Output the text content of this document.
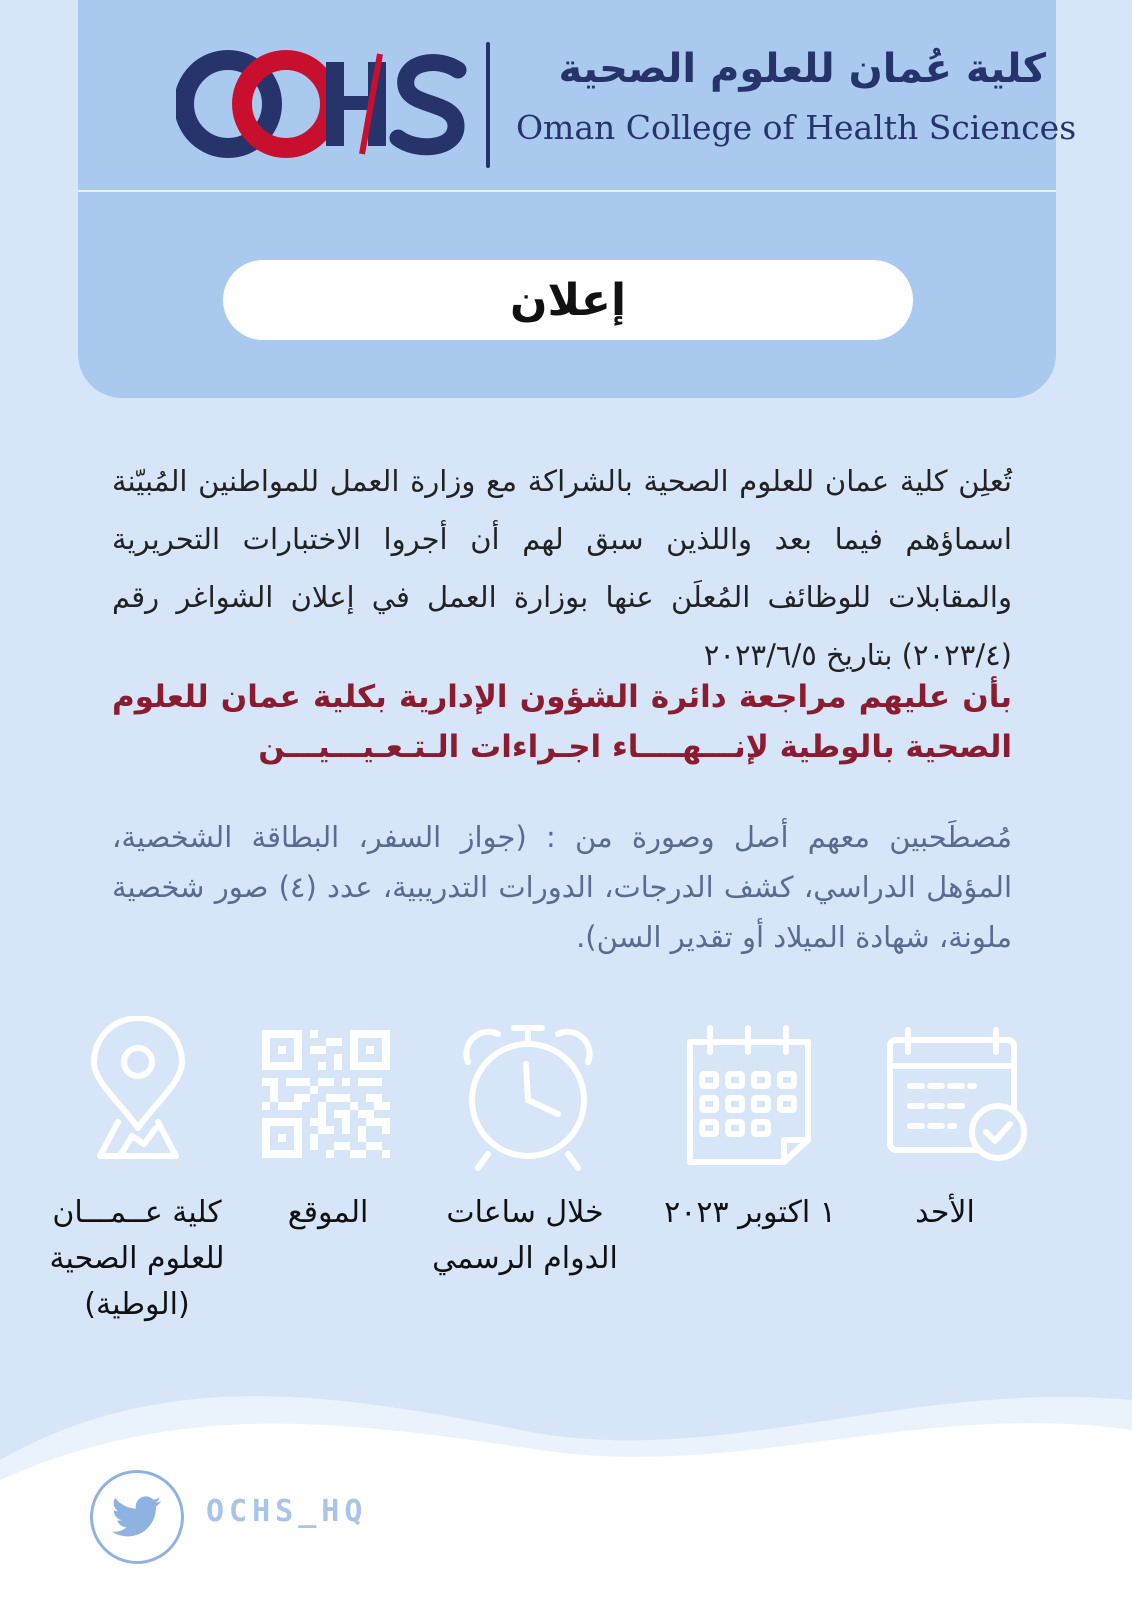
كلية عُمان للعلوم الصحية
Oman College of Health Sciences
إعلان
تُعلِن كلية عمان للعلوم الصحية بالشراكة مع وزارة العمل للمواطنين المُبيّنة اسماؤهم فيما بعد واللذين سبق لهم أن أجروا الاختبارات التحريرية والمقابلات للوظائف المُعلَن عنها بوزارة العمل في إعلان الشواغر رقم (٢٠٢٣/٤) بتاريخ ٢٠٢٣/٦/٥
بأن عليهم مراجعة دائرة الشؤون الإدارية بكلية عمان للعلوم الصحية بالوطية لإنـــهــــاء اجـراءات الـتـعـيـــيـــن
مُصطَحبين معهم أصل وصورة من : (جواز السفر، البطاقة الشخصية، المؤهل الدراسي، كشف الدرجات، الدورات التدريبية، عدد (٤) صور شخصية ملونة، شهادة الميلاد أو تقدير السن).
الأحد
١ اكتوبر ٢٠٢٣
خلال ساعات الدوام الرسمي
الموقع
كلية عــمـــان للعلوم الصحية (الوطية)
OCHS_HQ
